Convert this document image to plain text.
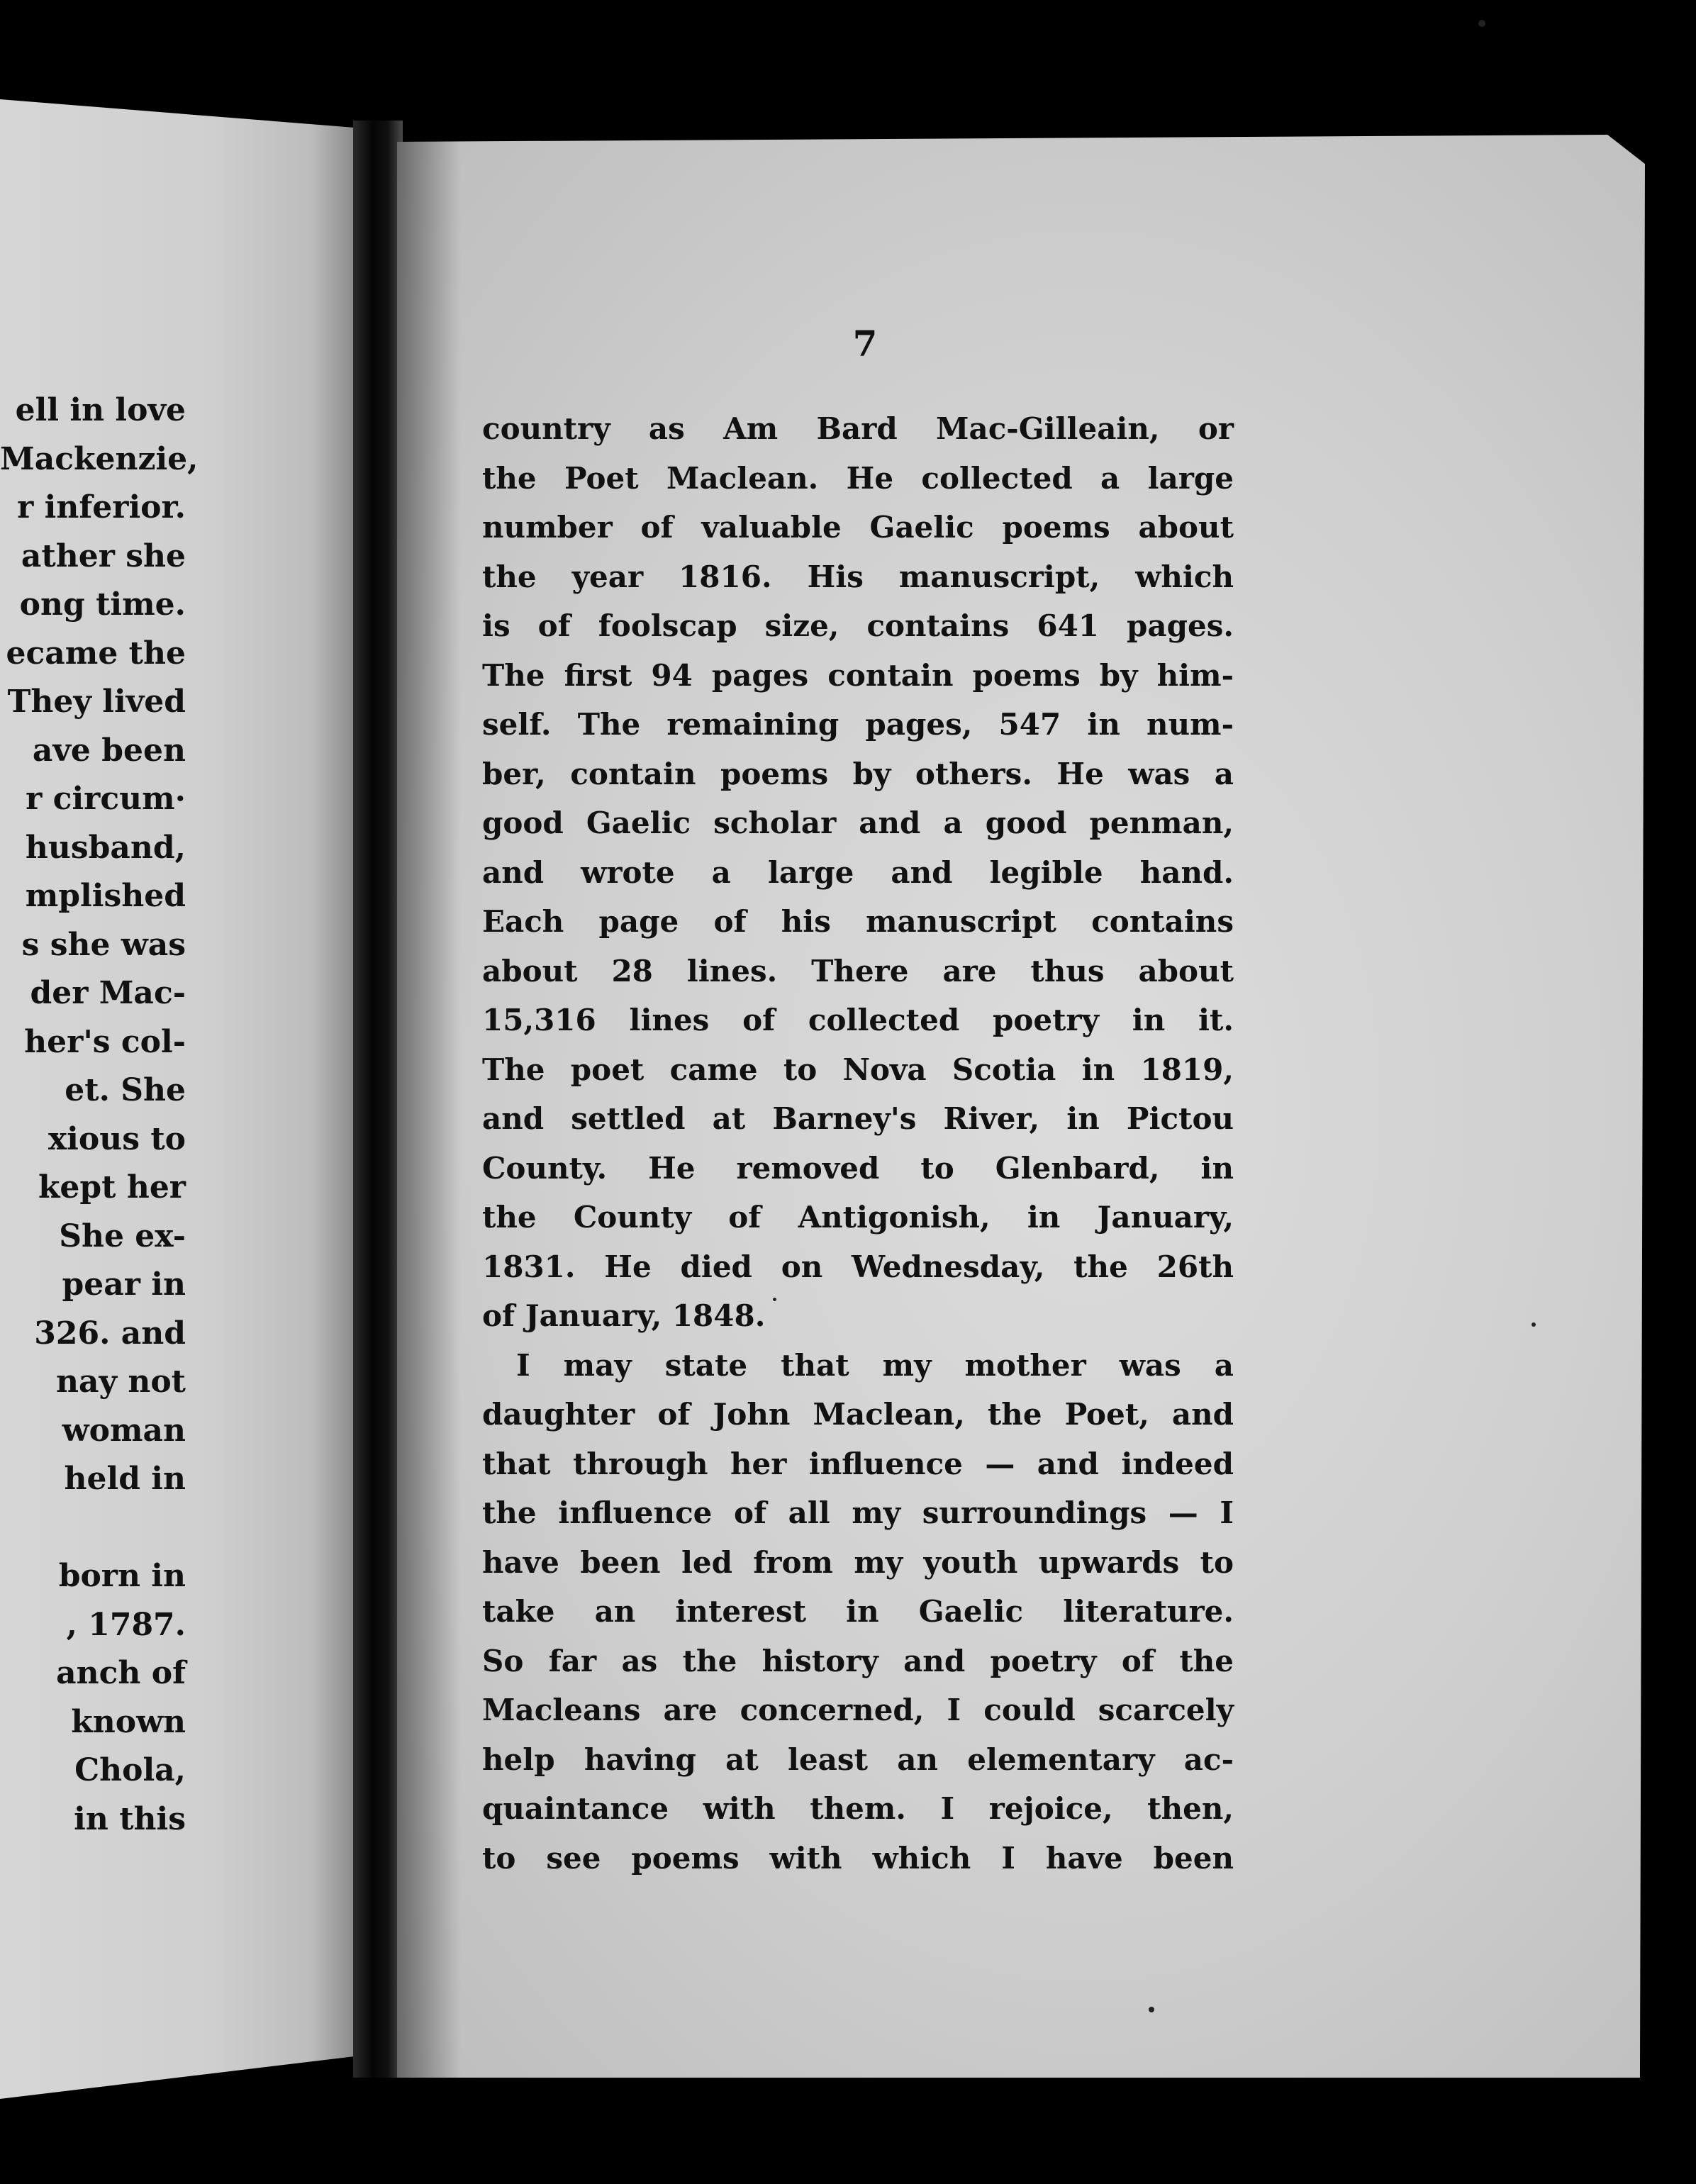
ell in love
Mackenzie,
r inferior.
ather she
ong time.
ecame the
They lived
ave been
r circum·
husband,
mplished
s she was
der Mac-
her's col-
et. She
xious to
kept her
She ex-
pear in
326. and
nay not
woman
held in
born in
, 1787.
anch of
known
Chola,
in this
7
country as Am Bard Mac-Gilleain, or
the Poet Maclean. He collected a large
number of valuable Gaelic poems about
the year 1816. His manuscript, which
is of foolscap size, contains 641 pages.
The first 94 pages contain poems by him-
self. The remaining pages, 547 in num-
ber, contain poems by others. He was a
good Gaelic scholar and a good penman,
and wrote a large and legible hand.
Each page of his manuscript contains
about 28 lines. There are thus about
15,316 lines of collected poetry in it.
The poet came to Nova Scotia in 1819,
and settled at Barney's River, in Pictou
County. He removed to Glenbard, in
the County of Antigonish, in January,
1831. He died on Wednesday, the 26th
of January, 1848.
I may state that my mother was a
daughter of John Maclean, the Poet, and
that through her influence — and indeed
the influence of all my surroundings — I
have been led from my youth upwards to
take an interest in Gaelic literature.
So far as the history and poetry of the
Macleans are concerned, I could scarcely
help having at least an elementary ac-
quaintance with them. I rejoice, then,
to see poems with which I have been
